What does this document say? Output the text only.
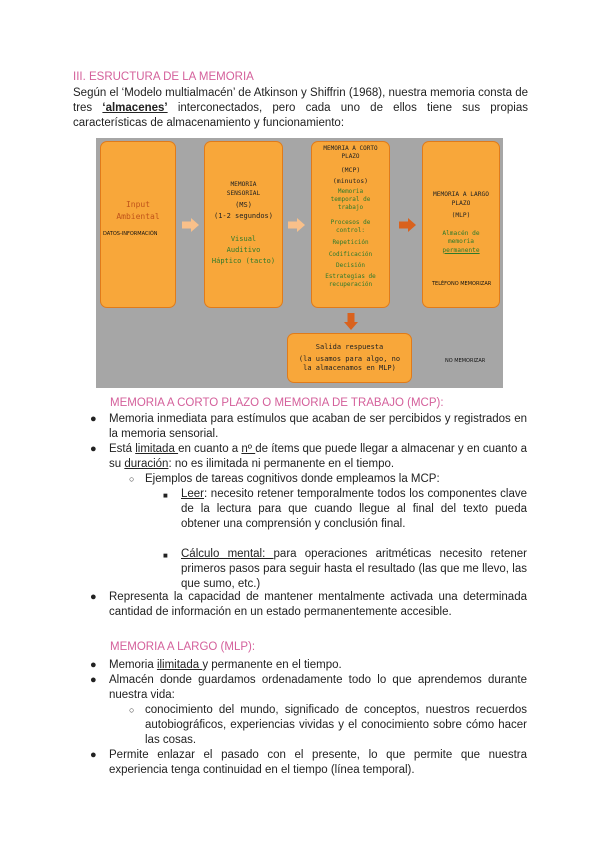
III. ESRUCTURA DE LA MEMORIA
Según el ‘Modelo multialmacén’ de Atkinson y Shiffrin (1968), nuestra memoria consta de tres ‘almacenes’ interconectados, pero cada uno de ellos tiene sus propias características de almacenamiento y funcionamiento:
Input
Ambiental
DATOS-INFORMACIÓN
MEMORIA
SENSORIAL
(MS)
(1-2 segundos)
Visual
Auditivo
Háptico (tacto)
MEMORIA A CORTO
PLAZO
(MCP)
(minutos)
Memoria
temporal de
trabajo
Procesos de
control:
Repetición
Codificación
Decisión
Estrategias de
recuperación
MEMORIA A LARGO
PLAZO
(MLP)
Almacén de
memoria
permanente
TELÉFONO MEMORIZAR
Salida respuesta
(la usamos para algo, no
la almacenamos en MLP)
NO MEMORIZAR
MEMORIA A CORTO PLAZO O MEMORIA DE TRABAJO (MCP):
● Memoria inmediata para estímulos que acaban de ser percibidos y registrados en la memoria sensorial.
● Está limitada en cuanto a nº de ítems que puede llegar a almacenar y en cuanto a su duración: no es ilimitada ni permanente en el tiempo.
○ Ejemplos de tareas cognitivos donde empleamos la MCP:
■ Leer: necesito retener temporalmente todos los componentes clave de la lectura para que cuando llegue al final del texto pueda obtener una comprensión y conclusión final.
■ Cálculo mental: para operaciones aritméticas necesito retener primeros pasos para seguir hasta el resultado (las que me llevo, las que sumo, etc.)
● Representa la capacidad de mantener mentalmente activada una determinada cantidad de información en un estado permanentemente accesible.
MEMORIA A LARGO (MLP):
● Memoria ilimitada y permanente en el tiempo.
● Almacén donde guardamos ordenadamente todo lo que aprendemos durante nuestra vida:
○ conocimiento del mundo, significado de conceptos, nuestros recuerdos autobiográficos, experiencias vividas y el conocimiento sobre cómo hacer las cosas.
● Permite enlazar el pasado con el presente, lo que permite que nuestra experiencia tenga continuidad en el tiempo (línea temporal).
